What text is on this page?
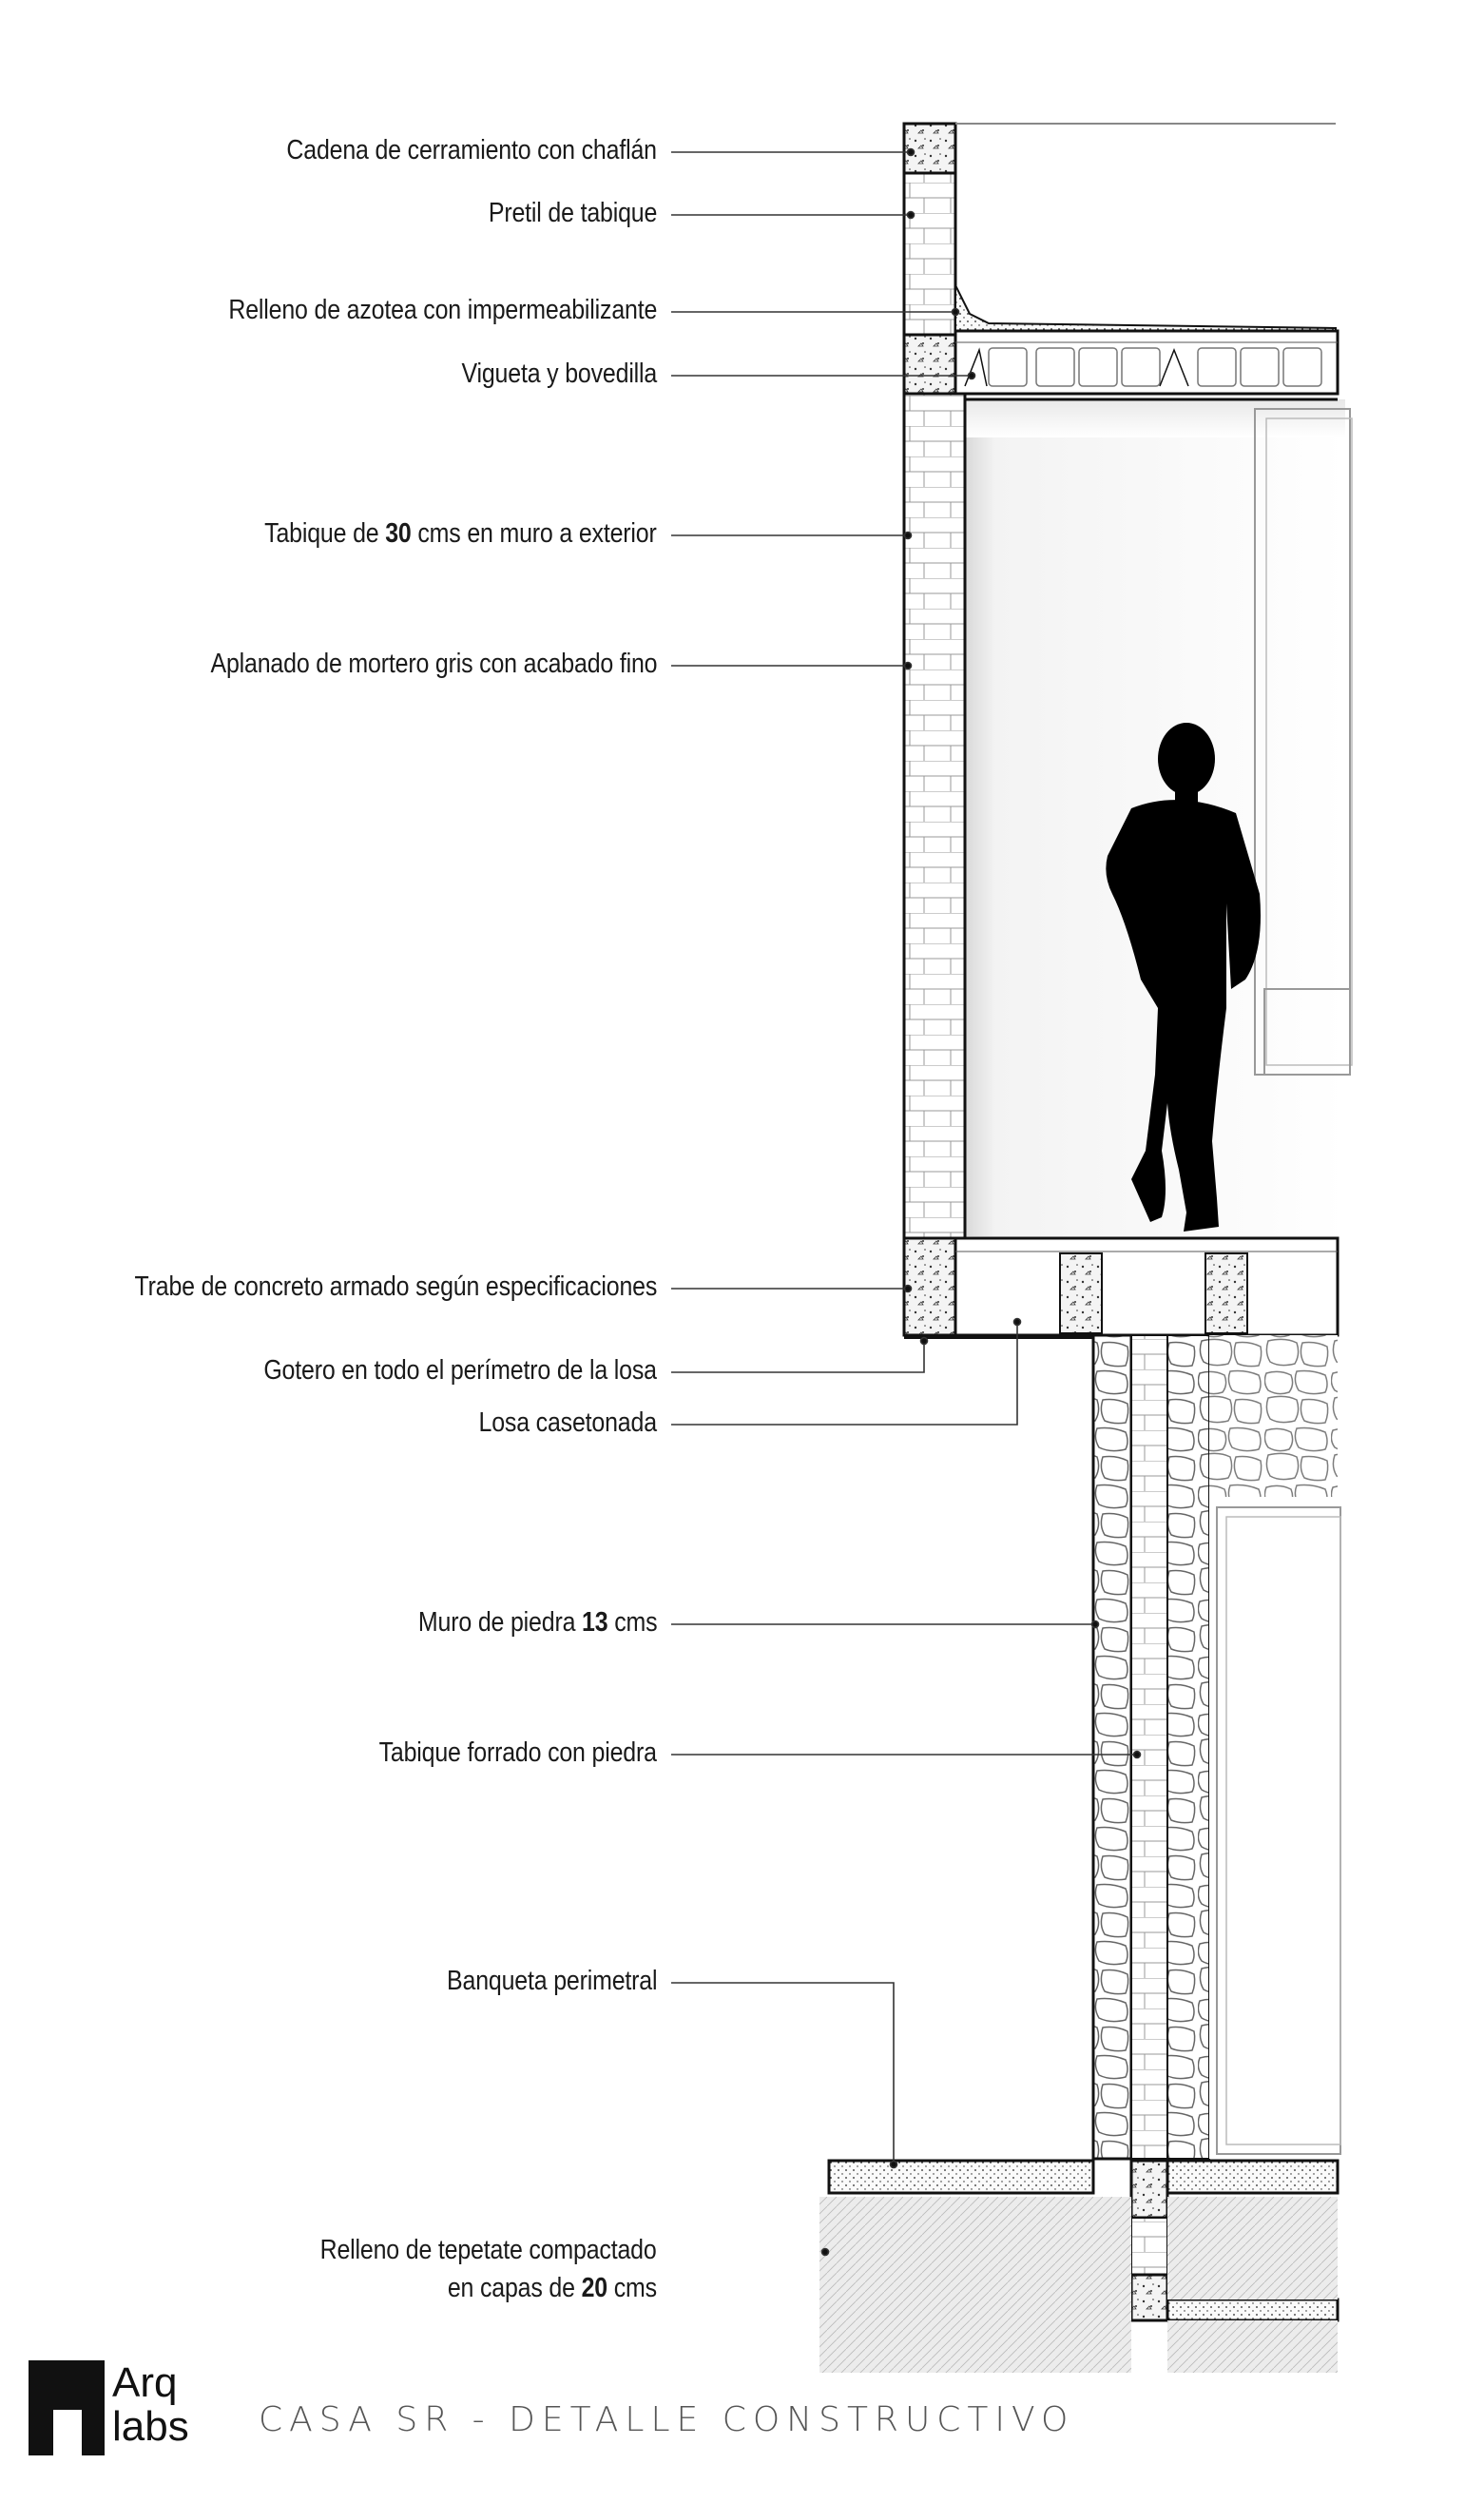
Cadena de cerramiento con chaflán
Pretil de tabique
Relleno de azotea con impermeabilizante
Vigueta y bovedilla
Tabique de 30 cms en muro a exterior
Aplanado de mortero gris con acabado fino
Trabe de concreto armado según especificaciones
Gotero en todo el perímetro de la losa
Losa casetonada
Muro de piedra 13 cms
Tabique forrado con piedra
Banqueta perimetral
Relleno de tepetate compactado
en capas de 20 cms
Arq
labs CASA SR - DETALLE CONSTRUCTIVO
